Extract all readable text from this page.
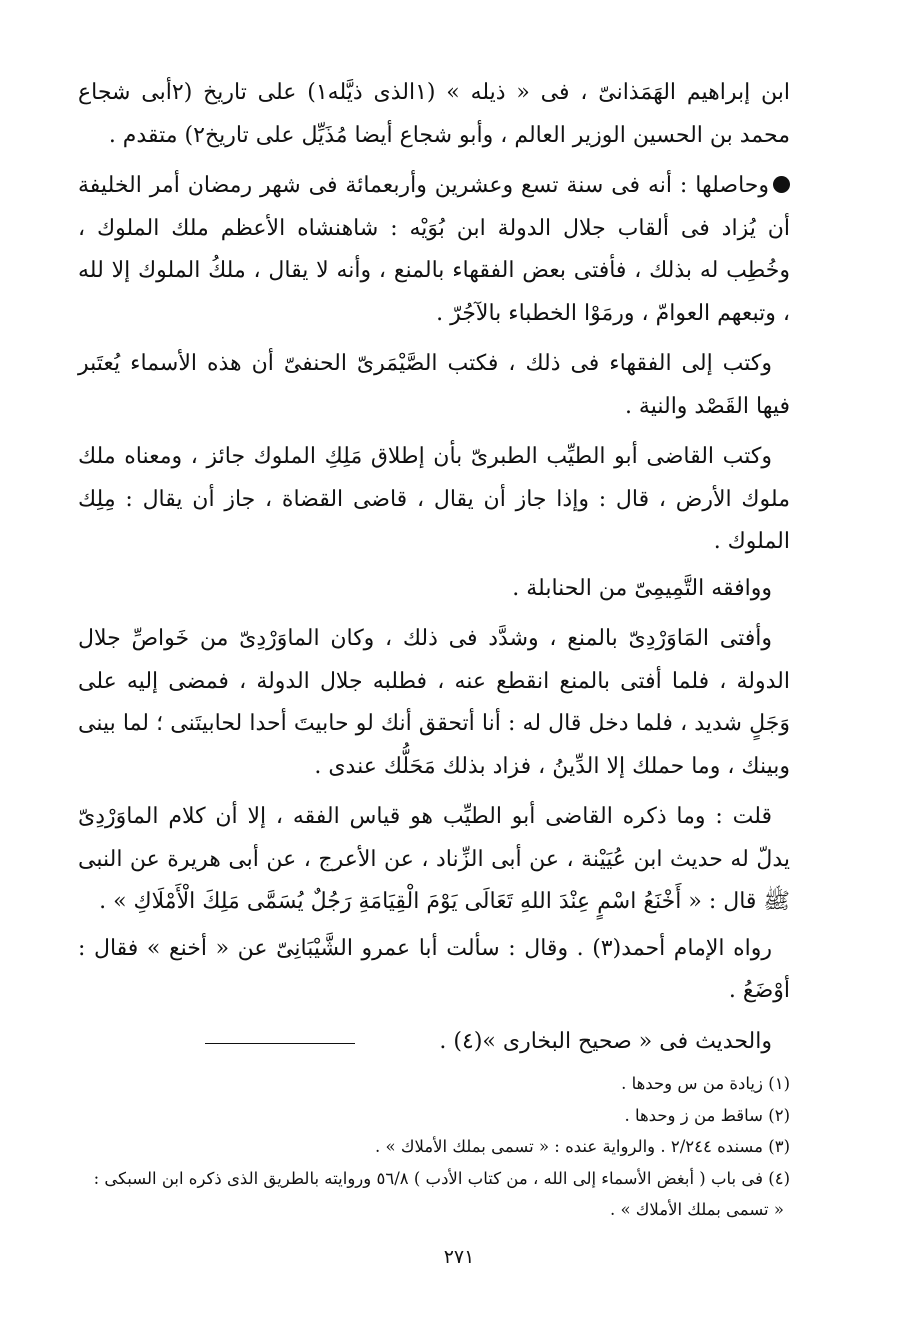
ابن إبراهيم الهَمَذانىّ ، فى « ذيله » (١الذى ذيَّله١) على تاريخ (٢أبى شجاع محمد بن الحسين الوزير العالم ، وأبو شجاع أيضا مُذَيِّل على تاريخ٢) متقدم .

وحاصلها : أنه فى سنة تسع وعشرين وأربعمائة فى شهر رمضان أمر الخليفة أن يُزاد فى ألقاب جلال الدولة ابن بُوَيْه : شاهنشاه الأعظم ملك الملوك ، وخُطِب له بذلك ، فأفتى بعض الفقهاء بالمنع ، وأنه لا يقال ، ملكُ الملوك إلا لله ، وتبعهم العوامّ ، ورمَوْا الخطباء بالآجُرّ .

وكتب إلى الفقهاء فى ذلك ، فكتب الصَّيْمَرىّ الحنفىّ أن هذه الأسماء يُعتَبر فيها القَصْد والنية .

وكتب القاضى أبو الطيِّب الطبرىّ بأن إطلاق مَلِكِ الملوك جائز ، ومعناه ملك ملوك الأرض ، قال : وإذا جاز أن يقال ، قاضى القضاة ، جاز أن يقال : مِلِك الملوك .

ووافقه التَّمِيمِىّ من الحنابلة .

وأفتى المَاوَرْدِىّ بالمنع ، وشدَّد فى ذلك ، وكان الماوَرْدِىّ من خَواصِّ جلال الدولة ، فلما أفتى بالمنع انقطع عنه ، فطلبه جلال الدولة ، فمضى إليه على وَجَلٍ شديد ، فلما دخل قال له : أنا أتحقق أنك لو حابيتَ أحدا لحابيتَنى ؛ لما بينى وبينك ، وما حملك إلا الدِّينُ ، فزاد بذلك مَحَلُّك عندى .

قلت : وما ذكره القاضى أبو الطيِّب هو قياس الفقه ، إلا أن كلام الماوَرْدِىّ يدلّ له حديث ابن عُيَيْنة ، عن أبى الزِّناد ، عن الأعرج ، عن أبى هريرة عن النبى ﷺ قال : « أَخْنَعُ اسْمٍ عِنْدَ اللهِ تَعَالَى يَوْمَ الْقِيَامَةِ رَجُلٌ يُسَمَّى مَلِكَ الْأَمْلَاكِ » .

رواه الإمام أحمد(٣) . وقال : سألت أبا عمرو الشَّيْبَانِىّ عن « أخنع » فقال : أوْضَعُ .

والحديث فى « صحيح البخارى »(٤) .

(١) زيادة من س وحدها .

(٢) ساقط من ز وحدها .

(٣) مسنده ٢/٢٤٤ . والرواية عنده : « تسمى بملك الأملاك » .

(٤) فى باب ( أبغض الأسماء إلى الله ، من كتاب الأدب ) ٥٦/٨ وروايته بالطريق الذى ذكره ابن السبكى :

« تسمى بملك الأملاك » .

٢٧١
